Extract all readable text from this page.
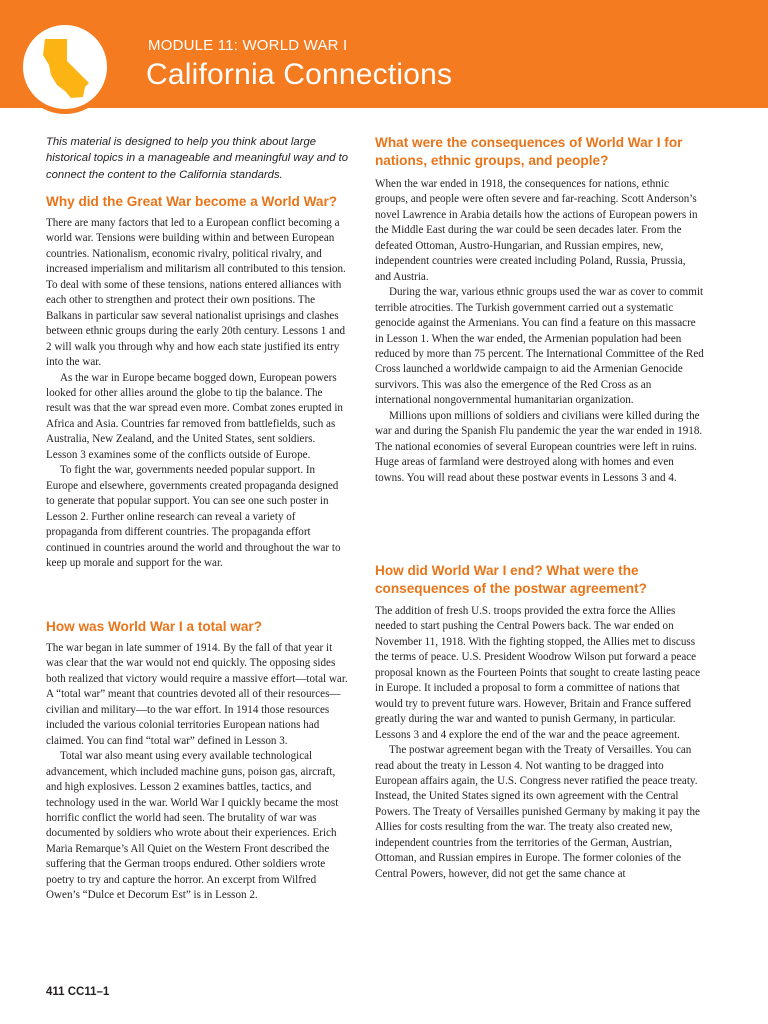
MODULE 11: WORLD WAR I
California Connections

This material is designed to help you think about large historical topics in a manageable and meaningful way and to connect the content to the California standards.

Why did the Great War become a World War?

There are many factors that led to a European conflict becoming a world war. Tensions were building within and between European countries. Nationalism, economic rivalry, political rivalry, and increased imperialism and militarism all contributed to this tension. To deal with some of these tensions, nations entered alliances with each other to strengthen and protect their own positions. The Balkans in particular saw several nationalist uprisings and clashes between ethnic groups during the early 20th century. Lessons 1 and 2 will walk you through why and how each state justified its entry into the war.

As the war in Europe became bogged down, European powers looked for other allies around the globe to tip the balance. The result was that the war spread even more. Combat zones erupted in Africa and Asia. Countries far removed from battlefields, such as Australia, New Zealand, and the United States, sent soldiers. Lesson 3 examines some of the conflicts outside of Europe.

To fight the war, governments needed popular support. In Europe and elsewhere, governments created propaganda designed to generate that popular support. You can see one such poster in Lesson 2. Further online research can reveal a variety of propaganda from different countries. The propaganda effort continued in countries around the world and throughout the war to keep up morale and support for the war.

How was World War I a total war?

The war began in late summer of 1914. By the fall of that year it was clear that the war would not end quickly. The opposing sides both realized that victory would require a massive effort—total war. A “total war” meant that countries devoted all of their resources—civilian and military—to the war effort. In 1914 those resources included the various colonial territories European nations had claimed. You can find “total war” defined in Lesson 3.

Total war also meant using every available technological advancement, which included machine guns, poison gas, aircraft, and high explosives. Lesson 2 examines battles, tactics, and technology used in the war. World War I quickly became the most horrific conflict the world had seen. The brutality of war was documented by soldiers who wrote about their experiences. Erich Maria Remarque’s All Quiet on the Western Front described the suffering that the German troops endured. Other soldiers wrote poetry to try and capture the horror. An excerpt from Wilfred Owen’s “Dulce et Decorum Est” is in Lesson 2.

What were the consequences of World War I for nations, ethnic groups, and people?

When the war ended in 1918, the consequences for nations, ethnic groups, and people were often severe and far-reaching. Scott Anderson’s novel Lawrence in Arabia details how the actions of European powers in the Middle East during the war could be seen decades later. From the defeated Ottoman, Austro-Hungarian, and Russian empires, new, independent countries were created including Poland, Russia, Prussia, and Austria.

During the war, various ethnic groups used the war as cover to commit terrible atrocities. The Turkish government carried out a systematic genocide against the Armenians. You can find a feature on this massacre in Lesson 1. When the war ended, the Armenian population had been reduced by more than 75 percent. The International Committee of the Red Cross launched a worldwide campaign to aid the Armenian Genocide survivors. This was also the emergence of the Red Cross as an international nongovernmental humanitarian organization.

Millions upon millions of soldiers and civilians were killed during the war and during the Spanish Flu pandemic the year the war ended in 1918. The national economies of several European countries were left in ruins. Huge areas of farmland were destroyed along with homes and even towns. You will read about these postwar events in Lessons 3 and 4.

How did World War I end? What were the consequences of the postwar agreement?

The addition of fresh U.S. troops provided the extra force the Allies needed to start pushing the Central Powers back. The war ended on November 11, 1918. With the fighting stopped, the Allies met to discuss the terms of peace. U.S. President Woodrow Wilson put forward a peace proposal known as the Fourteen Points that sought to create lasting peace in Europe. It included a proposal to form a committee of nations that would try to prevent future wars. However, Britain and France suffered greatly during the war and wanted to punish Germany, in particular. Lessons 3 and 4 explore the end of the war and the peace agreement.

The postwar agreement began with the Treaty of Versailles. You can read about the treaty in Lesson 4. Not wanting to be dragged into European affairs again, the U.S. Congress never ratified the peace treaty. Instead, the United States signed its own agreement with the Central Powers. The Treaty of Versailles punished Germany by making it pay the Allies for costs resulting from the war. The treaty also created new, independent countries from the territories of the German, Austrian, Ottoman, and Russian empires in Europe. The former colonies of the Central Powers, however, did not get the same chance at

411 CC11–1
